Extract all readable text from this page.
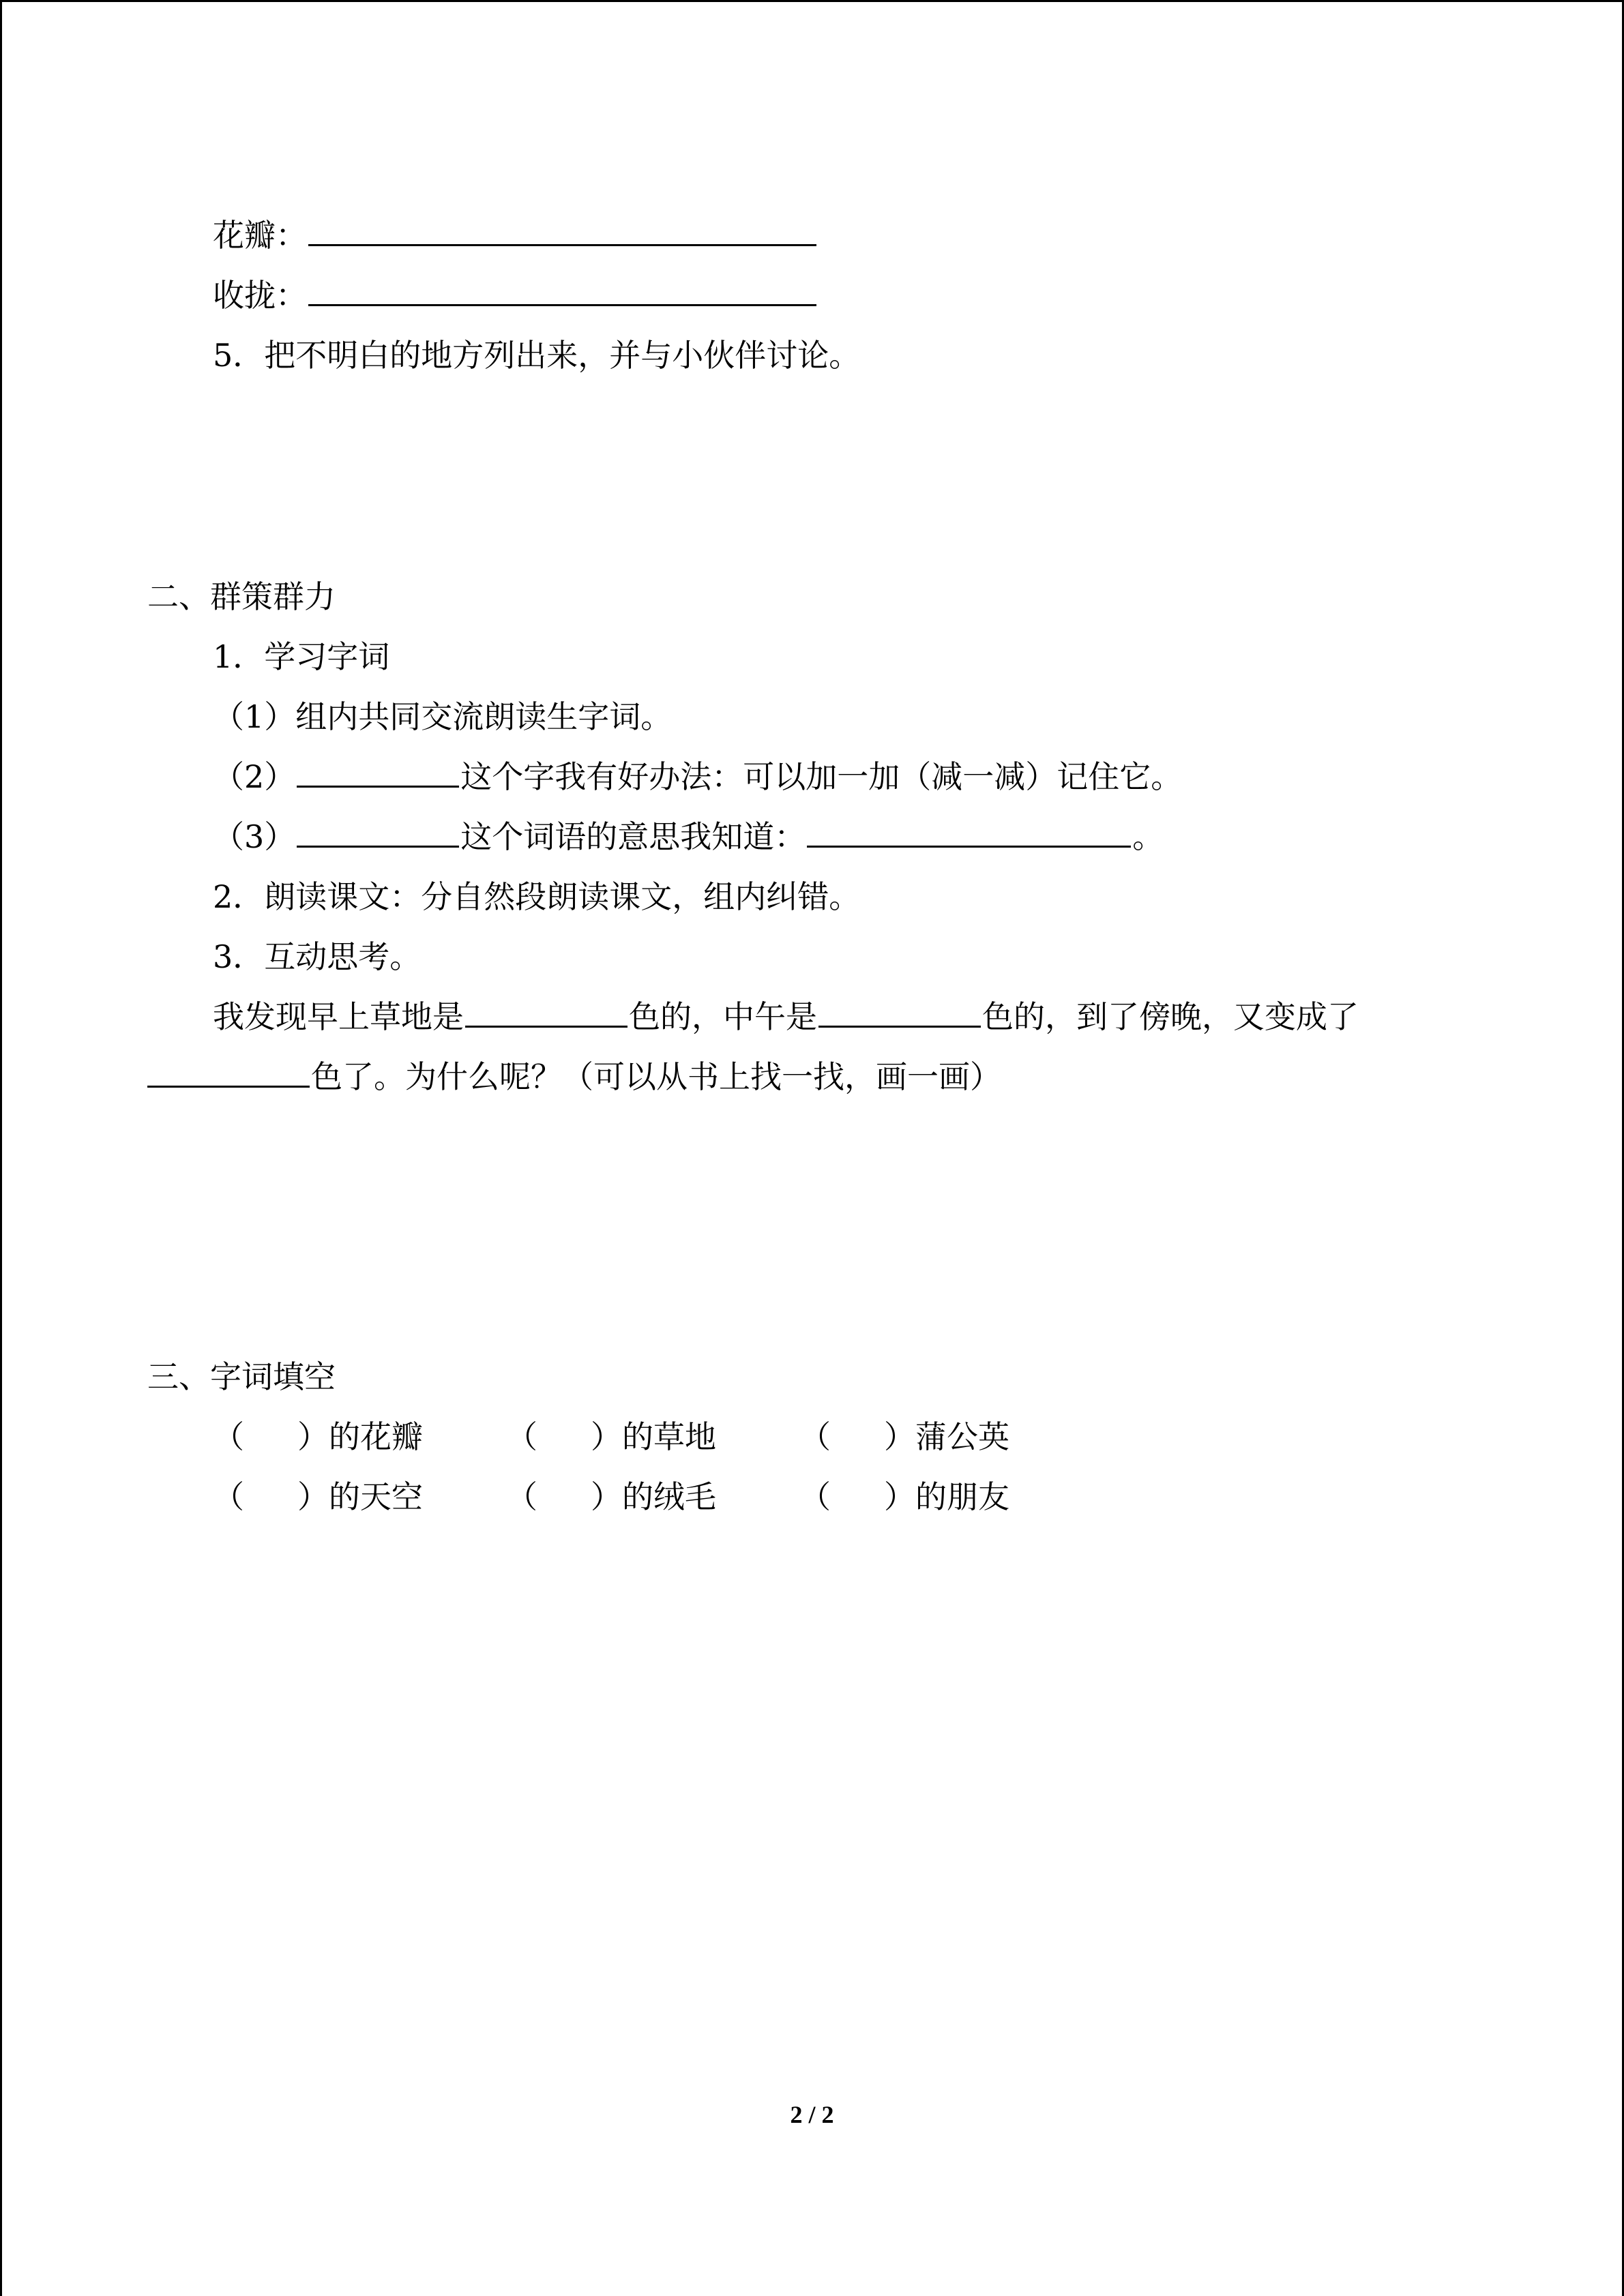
花瓣：
收拢：
5．把不明白的地方列出来，并与小伙伴讨论。
二、群策群力
1．学习字词
（1）组内共同交流朗读生字词。
（2）	这个字我有好办法：可以加一加（减一减）记住它。
（3）	这个词语的意思我知道：	。
2．朗读课文：分自然段朗读课文，组内纠错。
3．互动思考。
我发现早上草地是	色的，中午是	色的，到了傍晚，又变成了
色了。为什么呢？（可以从书上找一找，画一画）
三、字词填空
（ ）的花瓣	（ ）的草地	（ ）蒲公英
（ ）的天空	（ ）的绒毛	（ ）的朋友
2 / 2
